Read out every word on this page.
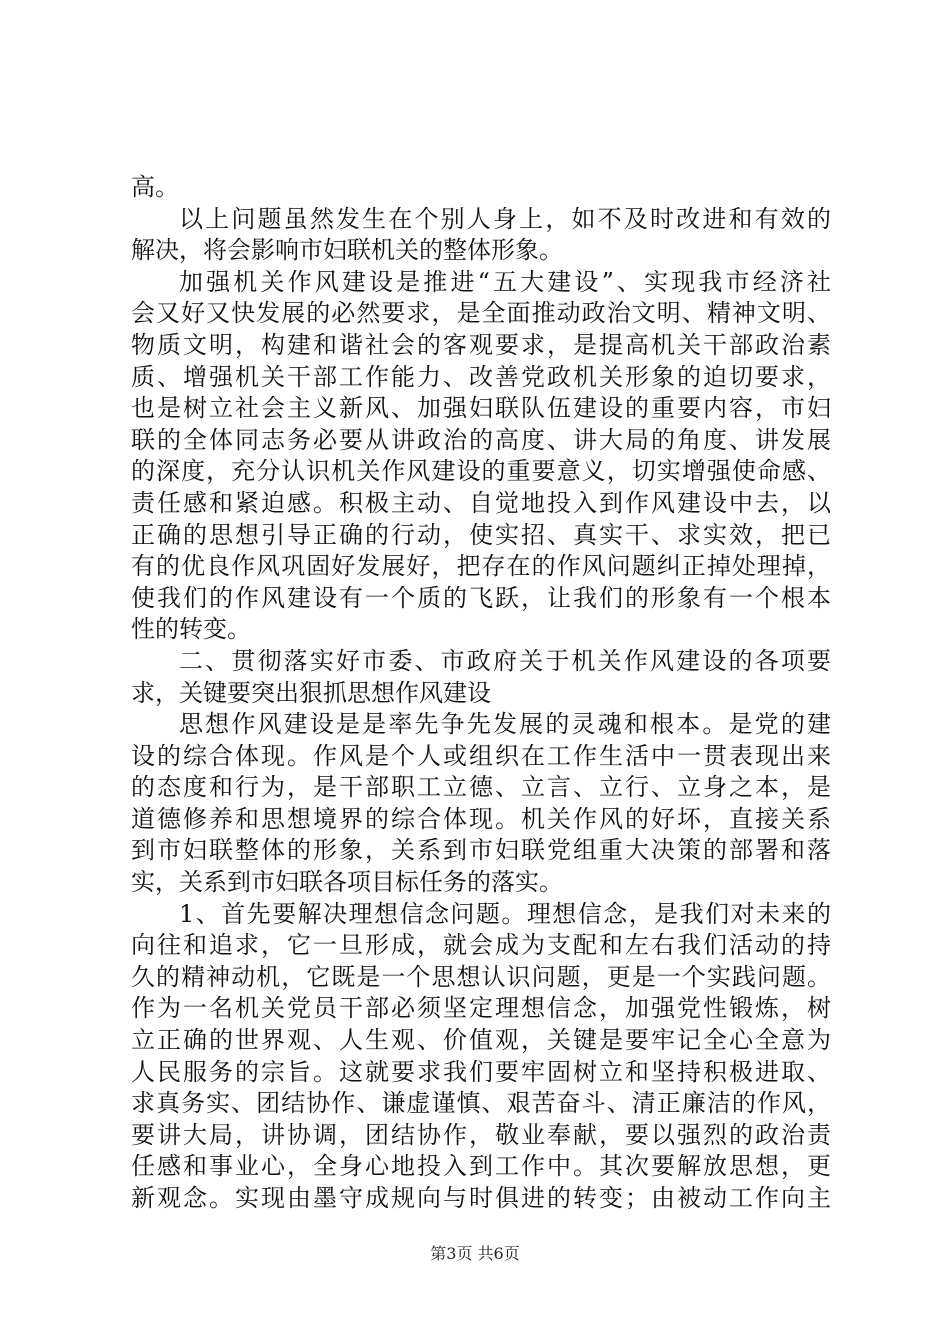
高。
以上问题虽然发生在个别人身上，如不及时改进和有效的
解决，将会影响市妇联机关的整体形象。
加强机关作风建设是推进“五大建设”、实现我市经济社
会又好又快发展的必然要求，是全面推动政治文明、精神文明、
物质文明，构建和谐社会的客观要求，是提高机关干部政治素
质、增强机关干部工作能力、改善党政机关形象的迫切要求，
也是树立社会主义新风、加强妇联队伍建设的重要内容，市妇
联的全体同志务必要从讲政治的高度、讲大局的角度、讲发展
的深度，充分认识机关作风建设的重要意义，切实增强使命感、
责任感和紧迫感。积极主动、自觉地投入到作风建设中去，以
正确的思想引导正确的行动，使实招、真实干、求实效，把已
有的优良作风巩固好发展好，把存在的作风问题纠正掉处理掉，
使我们的作风建设有一个质的飞跃，让我们的形象有一个根本
性的转变。
二、贯彻落实好市委、市政府关于机关作风建设的各项要
求，关键要突出狠抓思想作风建设
思想作风建设是是率先争先发展的灵魂和根本。是党的建
设的综合体现。作风是个人或组织在工作生活中一贯表现出来
的态度和行为，是干部职工立德、立言、立行、立身之本，是
道德修养和思想境界的综合体现。机关作风的好坏，直接关系
到市妇联整体的形象，关系到市妇联党组重大决策的部署和落
实，关系到市妇联各项目标任务的落实。
1、首先要解决理想信念问题。理想信念，是我们对未来的
向往和追求，它一旦形成，就会成为支配和左右我们活动的持
久的精神动机，它既是一个思想认识问题，更是一个实践问题。
作为一名机关党员干部必须坚定理想信念，加强党性锻炼，树
立正确的世界观、人生观、价值观，关键是要牢记全心全意为
人民服务的宗旨。这就要求我们要牢固树立和坚持积极进取、
求真务实、团结协作、谦虚谨慎、艰苦奋斗、清正廉洁的作风，
要讲大局，讲协调，团结协作，敬业奉献，要以强烈的政治责
任感和事业心，全身心地投入到工作中。其次要解放思想，更
新观念。实现由墨守成规向与时俱进的转变；由被动工作向主
第3页 共6页
